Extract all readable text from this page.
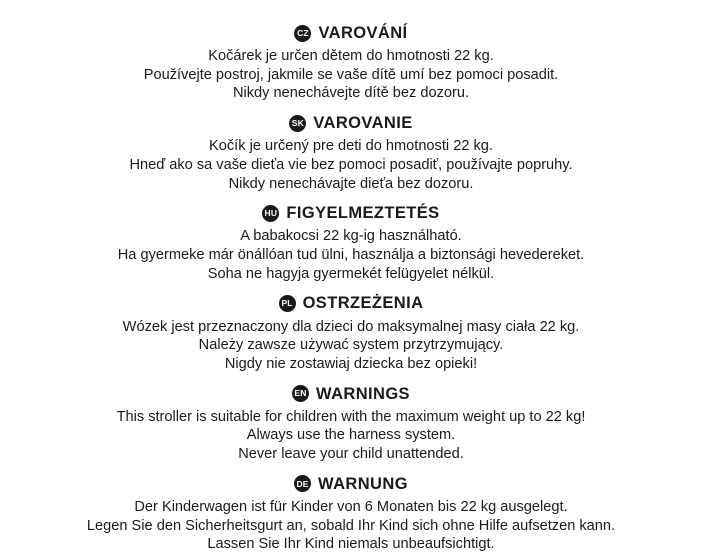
CZ VAROVÁNÍ
Kočárek je určen dětem do hmotnosti 22 kg.
Používejte postroj, jakmile se vaše dítě umí bez pomoci posadit.
Nikdy nenechávejte dítě bez dozoru.
SK VAROVANIE
Kočík je určený pre deti do hmotnosti 22 kg.
Hneď ako sa vaše dieťa vie bez pomoci posadiť, používajte popruhy.
Nikdy nenechávajte dieťa bez dozoru.
HU FIGYELMEZTETÉS
A babakocsi 22 kg-ig használható.
Ha gyermeke már önállóan tud ülni, használja a biztonsági hevedereket.
Soha ne hagyja gyermekét felügyelet nélkül.
PL OSTRZEŻENIA
Wózek jest przeznaczony dla dzieci do maksymalnej masy ciała 22 kg.
Należy zawsze używać system przytrzymujący.
Nigdy nie zostawiaj dziecka bez opieki!
EN WARNINGS
This stroller is suitable for children with the maximum weight up to 22 kg!
Always use the harness system.
Never leave your child unattended.
DE WARNUNG
Der Kinderwagen ist für Kinder von 6 Monaten bis 22 kg ausgelegt.
Legen Sie den Sicherheitsgurt an, sobald Ihr Kind sich ohne Hilfe aufsetzen kann.
Lassen Sie Ihr Kind niemals unbeaufsichtigt.
